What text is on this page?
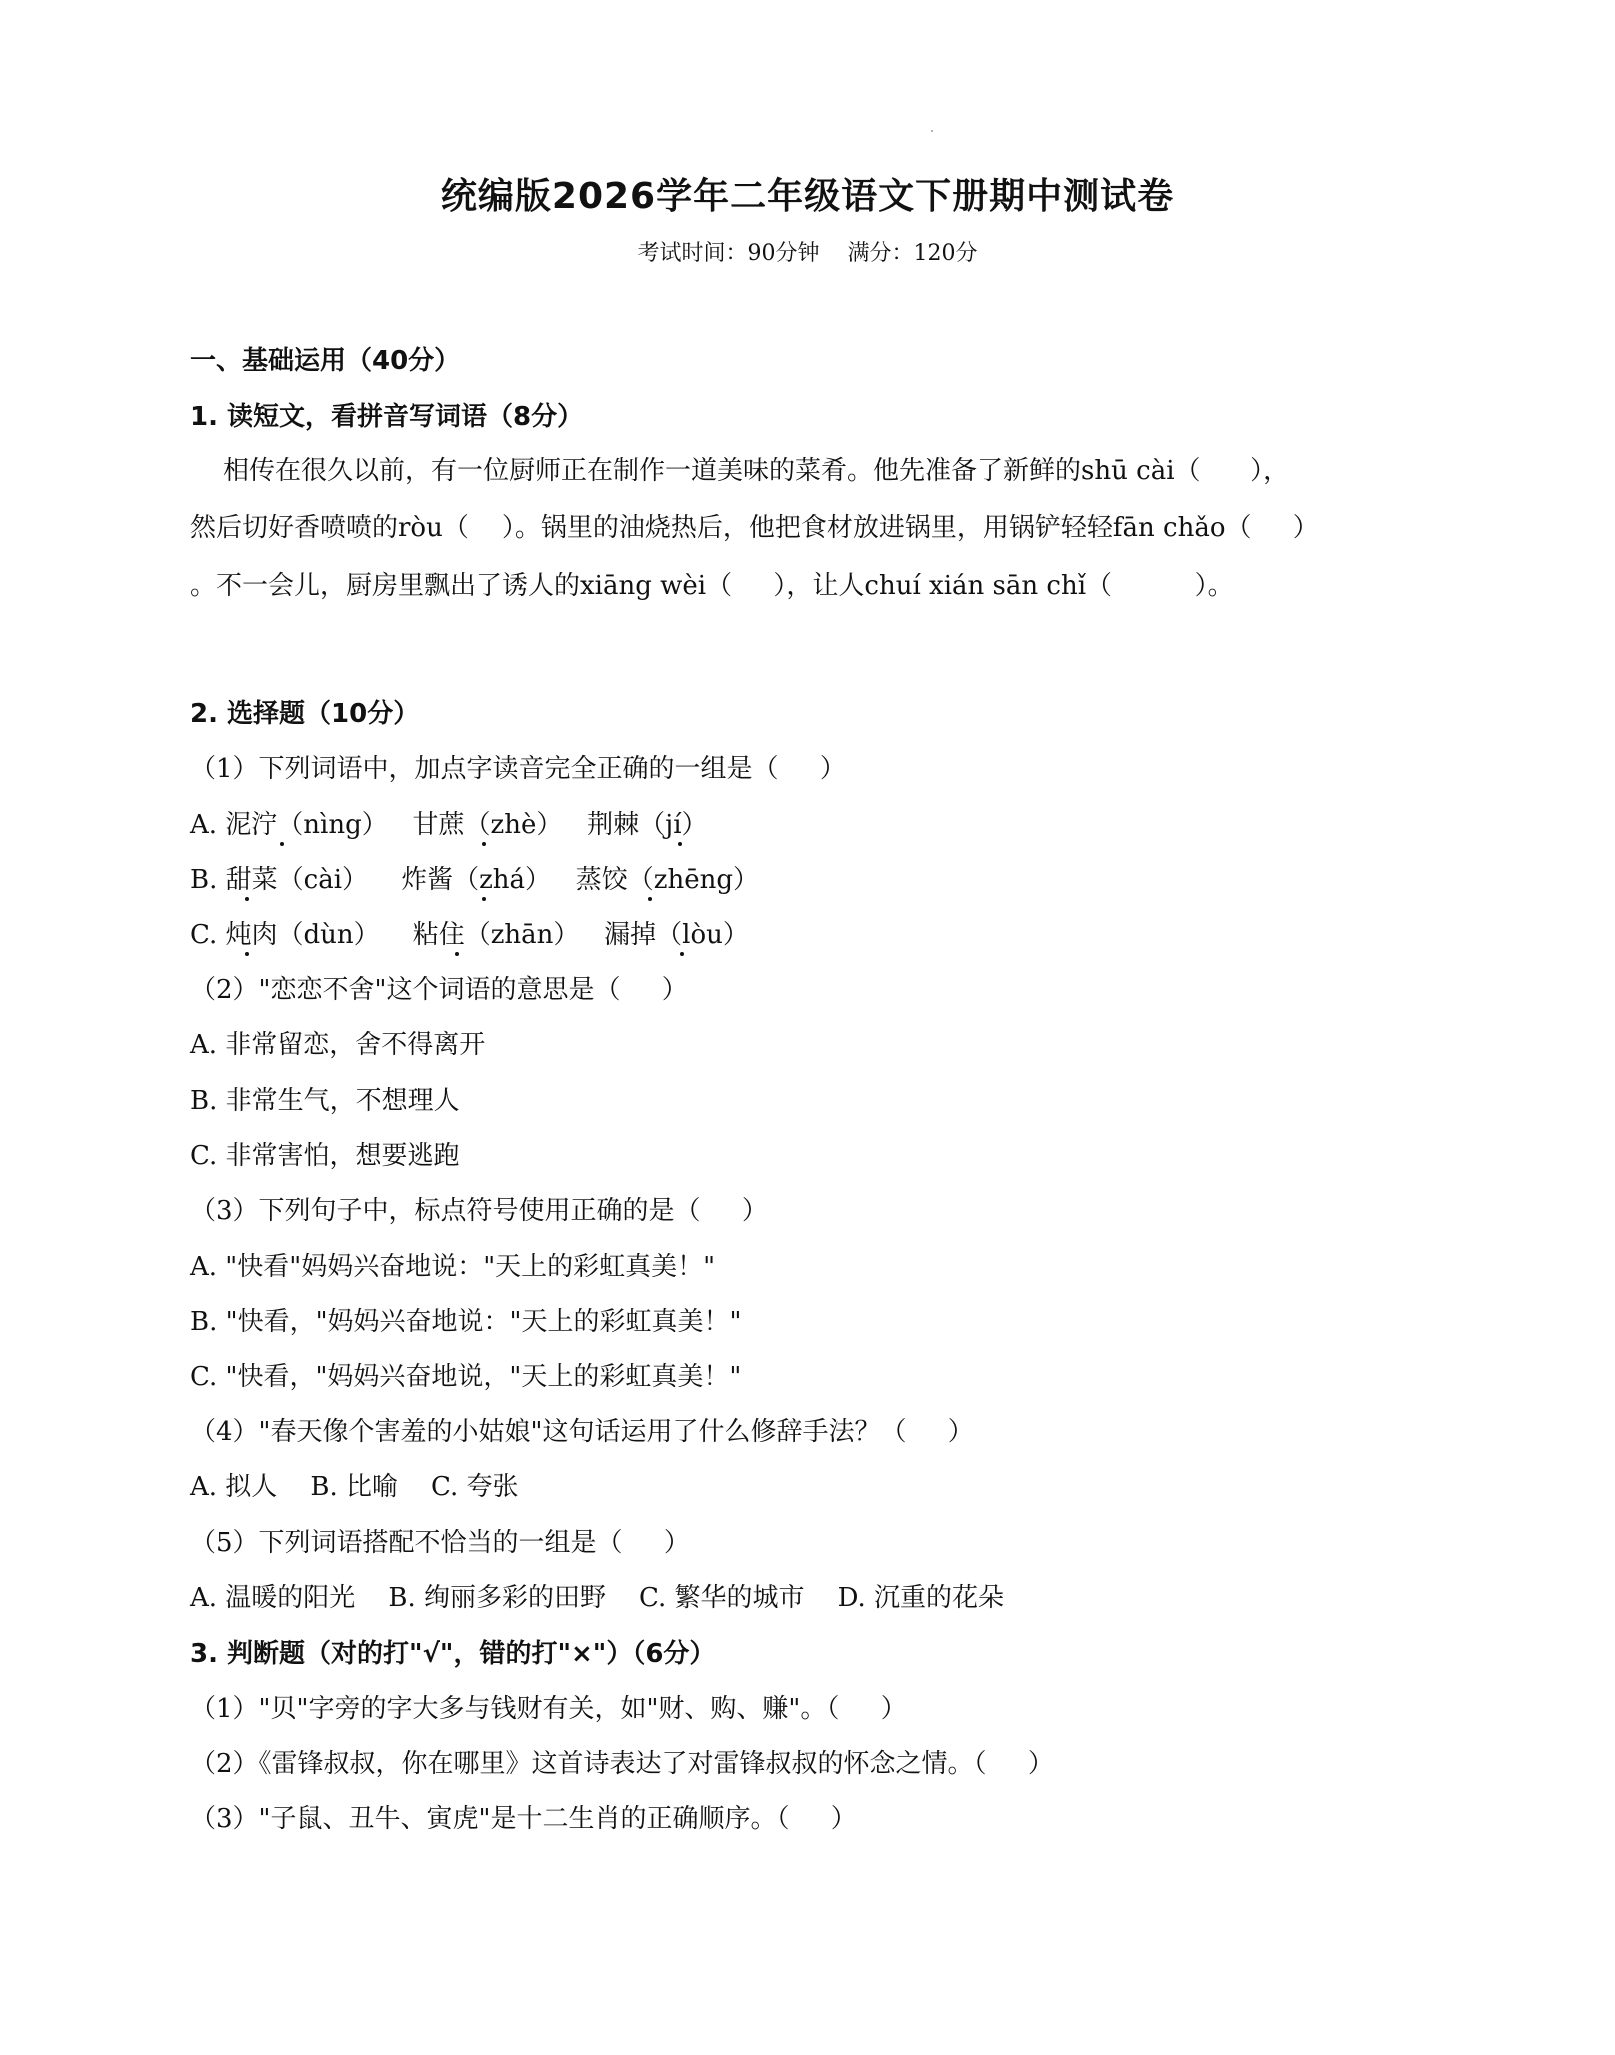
统编版2026学年二年级语文下册期中测试卷
考试时间：90分钟    满分：120分
一、基础运用（40分）
1. 读短文，看拼音写词语（8分）
相传在很久以前，有一位厨师正在制作一道美味的菜肴。他先准备了新鲜的shū cài（      ），
然后切好香喷喷的ròu（    ）。锅里的油烧热后，他把食材放进锅里，用锅铲轻轻fān chǎo（     ）
。不一会儿，厨房里飘出了诱人的xiāng wèi（     ），让人chuí xián sān chǐ（          ）。
2. 选择题（10分）
（1）下列词语中，加点字读音完全正确的一组是（     ）
A. 泥泞（nìng）   甘蔗（zhè）   荆棘（jí）
B. 甜菜（cài）    炸酱（zhá）   蒸饺（zhēng）
C. 炖肉（dùn）    粘住（zhān）   漏掉（lòu）
（2）"恋恋不舍"这个词语的意思是（     ）
A. 非常留恋，舍不得离开
B. 非常生气，不想理人
C. 非常害怕，想要逃跑
（3）下列句子中，标点符号使用正确的是（     ）
A. "快看"妈妈兴奋地说："天上的彩虹真美！"
B. "快看，"妈妈兴奋地说："天上的彩虹真美！"
C. "快看，"妈妈兴奋地说，"天上的彩虹真美！"
（4）"春天像个害羞的小姑娘"这句话运用了什么修辞手法？（     ）
A. 拟人    B. 比喻    C. 夸张
（5）下列词语搭配不恰当的一组是（     ）
A. 温暖的阳光    B. 绚丽多彩的田野    C. 繁华的城市    D. 沉重的花朵
3. 判断题（对的打"√"，错的打"×"）（6分）
（1）"贝"字旁的字大多与钱财有关，如"财、购、赚"。（     ）
（2）《雷锋叔叔，你在哪里》这首诗表达了对雷锋叔叔的怀念之情。（     ）
（3）"子鼠、丑牛、寅虎"是十二生肖的正确顺序。（     ）
